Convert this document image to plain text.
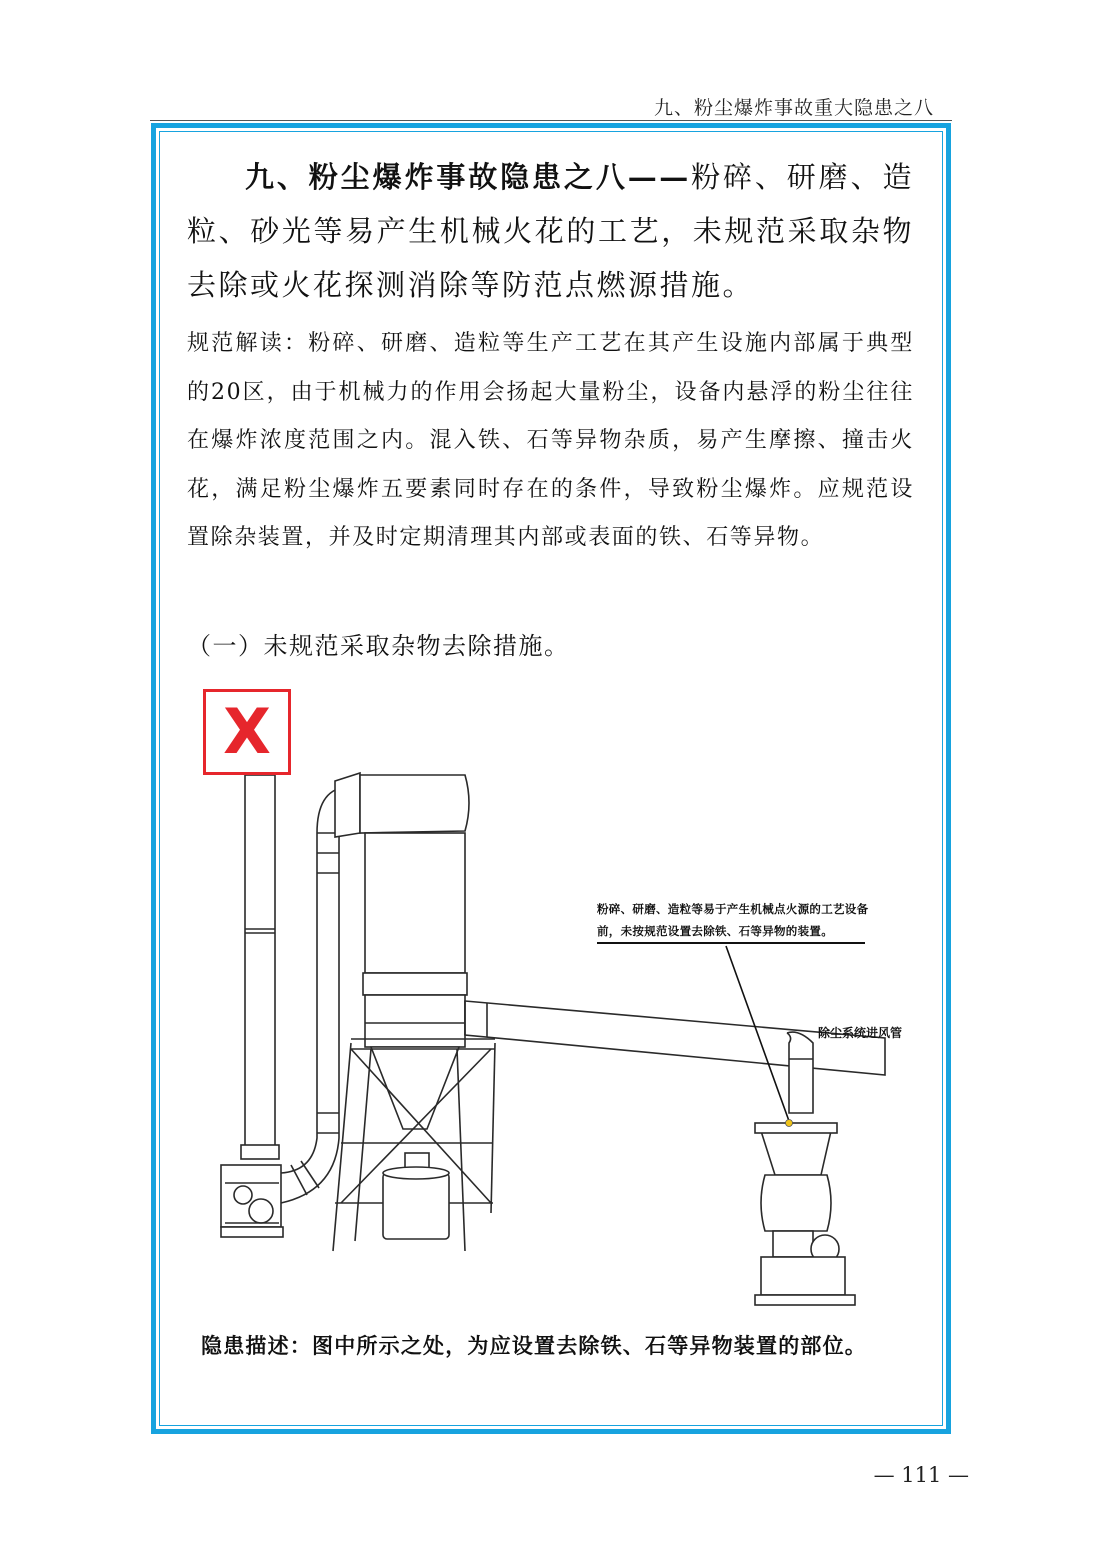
九、粉尘爆炸事故重大隐患之八

九、粉尘爆炸事故隐患之八——粉碎、研磨、造粒、砂光等易产生机械火花的工艺，未规范采取杂物去除或火花探测消除等防范点燃源措施。

规范解读：粉碎、研磨、造粒等生产工艺在其产生设施内部属于典型的20区，由于机械力的作用会扬起大量粉尘，设备内悬浮的粉尘往往在爆炸浓度范围之内。混入铁、石等异物杂质，易产生摩擦、撞击火花，满足粉尘爆炸五要素同时存在的条件，导致粉尘爆炸。应规范设置除杂装置，并及时定期清理其内部或表面的铁、石等异物。

（一）未规范采取杂物去除措施。

粉碎、研磨、造粒等易于产生机械点火源的工艺设备前，未按规范设置去除铁、石等异物的装置。
除尘系统进风管
X

隐患描述：图中所示之处，为应设置去除铁、石等异物装置的部位。

— 111 —
